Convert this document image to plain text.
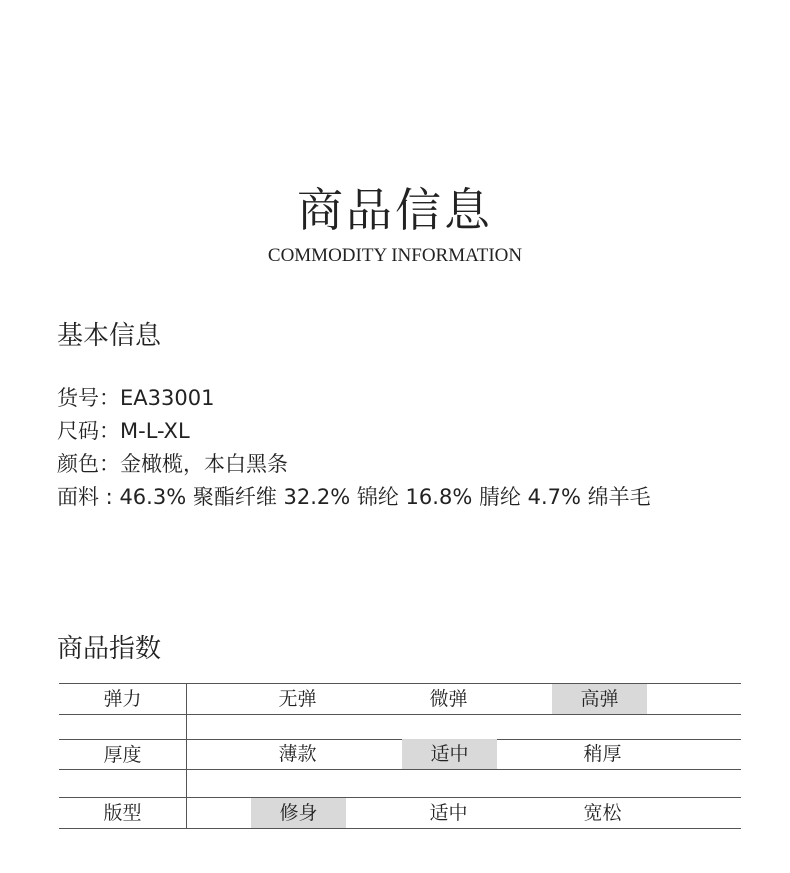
商品信息
COMMODITY INFORMATION
基本信息
货号：EA33001
尺码：M-L-XL
颜色：金橄榄，本白黑条
面料 : 46.3% 聚酯纤维 32.2% 锦纶 16.8% 腈纶 4.7% 绵羊毛
商品指数
弹力	无弹	微弹	高弹
厚度	薄款	适中	稍厚
版型	修身	适中	宽松
